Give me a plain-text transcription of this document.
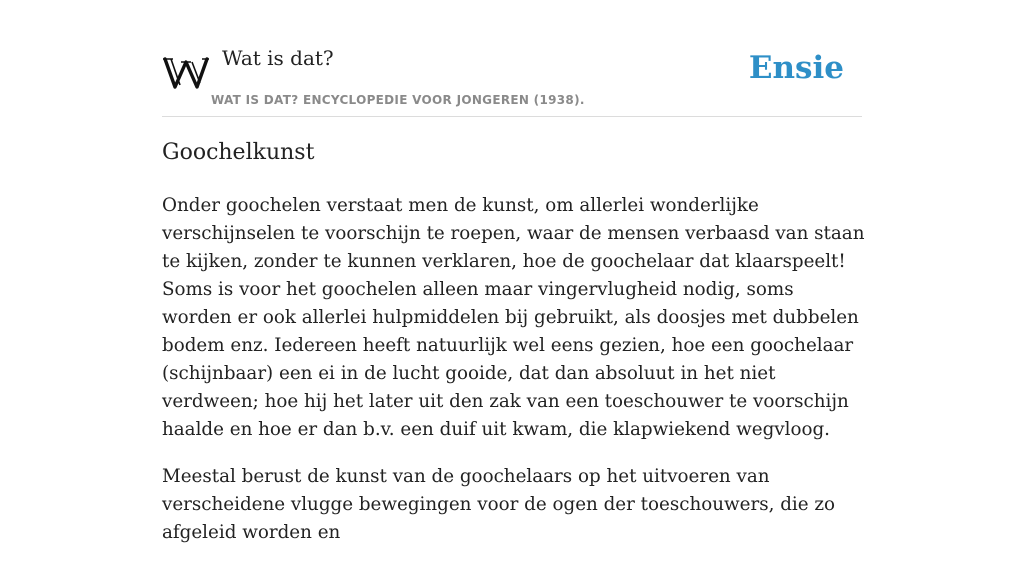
Wat is dat?
WAT IS DAT? ENCYCLOPEDIE VOOR JONGEREN (1938).
Ensie
Goochelkunst

Onder goochelen verstaat men de kunst, om allerlei wonderlijke verschijnselen te voorschijn te roepen, waar de mensen verbaasd van staan te kijken, zonder te kunnen verklaren, hoe de goochelaar dat klaarspeelt! Soms is voor het goochelen alleen maar vingervlugheid nodig, soms worden er ook allerlei hulpmiddelen bij gebruikt, als doosjes met dubbelen bodem enz. Iedereen heeft natuurlijk wel eens gezien, hoe een goochelaar (schijnbaar) een ei in de lucht gooide, dat dan absoluut in het niet verdween; hoe hij het later uit den zak van een toeschouwer te voorschijn haalde en hoe er dan b.v. een duif uit kwam, die klapwiekend wegvloog.

Meestal berust de kunst van de goochelaars op het uitvoeren van verscheidene vlugge bewegingen voor de ogen der toeschouwers, die zo afgeleid worden en
